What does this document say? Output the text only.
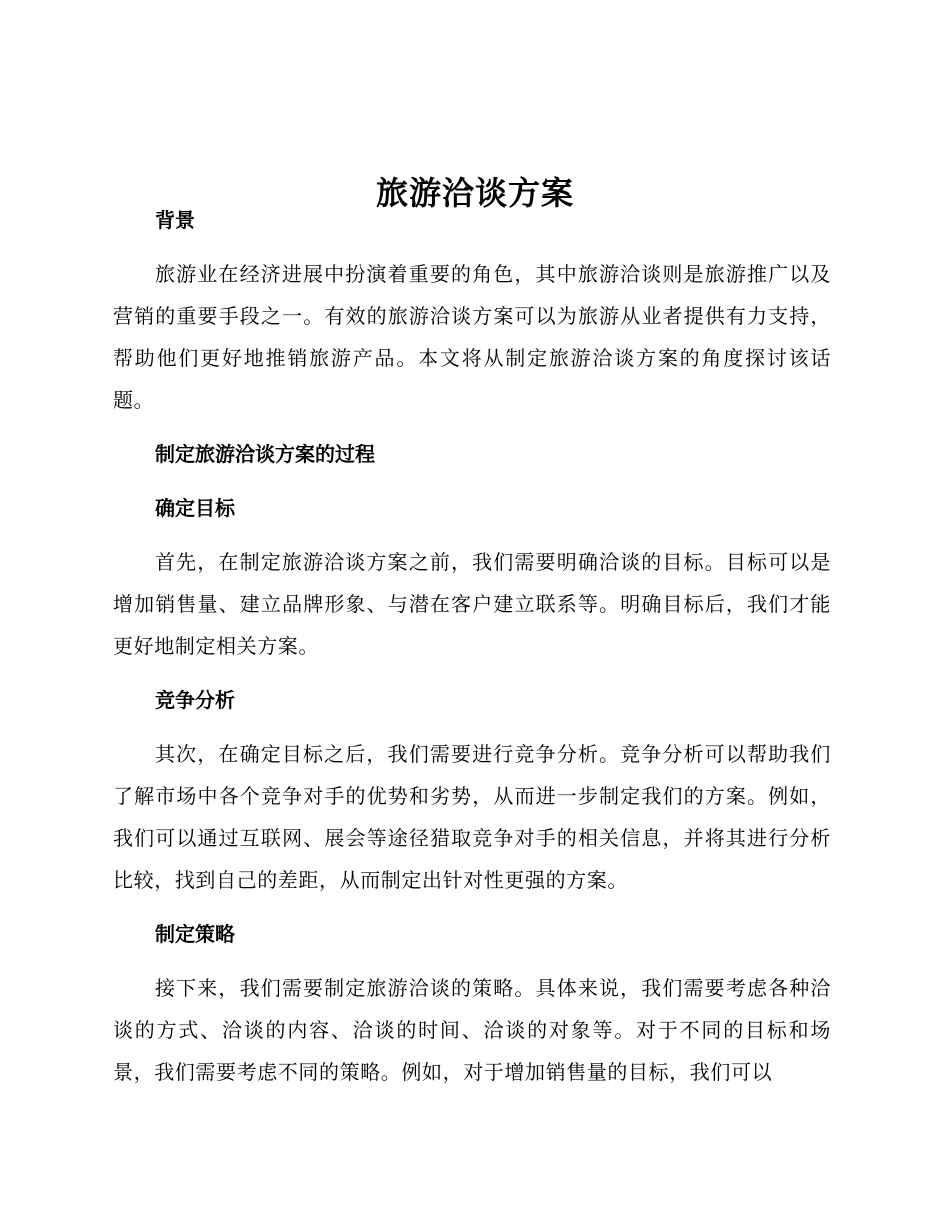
旅游洽谈方案
背景

旅游业在经济进展中扮演着重要的角色，其中旅游洽谈则是旅游推广以及营销的重要手段之一。有效的旅游洽谈方案可以为旅游从业者提供有力支持，帮助他们更好地推销旅游产品。本文将从制定旅游洽谈方案的角度探讨该话题。

制定旅游洽谈方案的过程
确定目标

首先，在制定旅游洽谈方案之前，我们需要明确洽谈的目标。目标可以是增加销售量、建立品牌形象、与潜在客户建立联系等。明确目标后，我们才能更好地制定相关方案。

竞争分析

其次，在确定目标之后，我们需要进行竞争分析。竞争分析可以帮助我们了解市场中各个竞争对手的优势和劣势，从而进一步制定我们的方案。例如，我们可以通过互联网、展会等途径猎取竞争对手的相关信息，并将其进行分析比较，找到自己的差距，从而制定出针对性更强的方案。

制定策略

接下来，我们需要制定旅游洽谈的策略。具体来说，我们需要考虑各种洽谈的方式、洽谈的内容、洽谈的时间、洽谈的对象等。对于不同的目标和场景，我们需要考虑不同的策略。例如，对于增加销售量的目标，我们可以
